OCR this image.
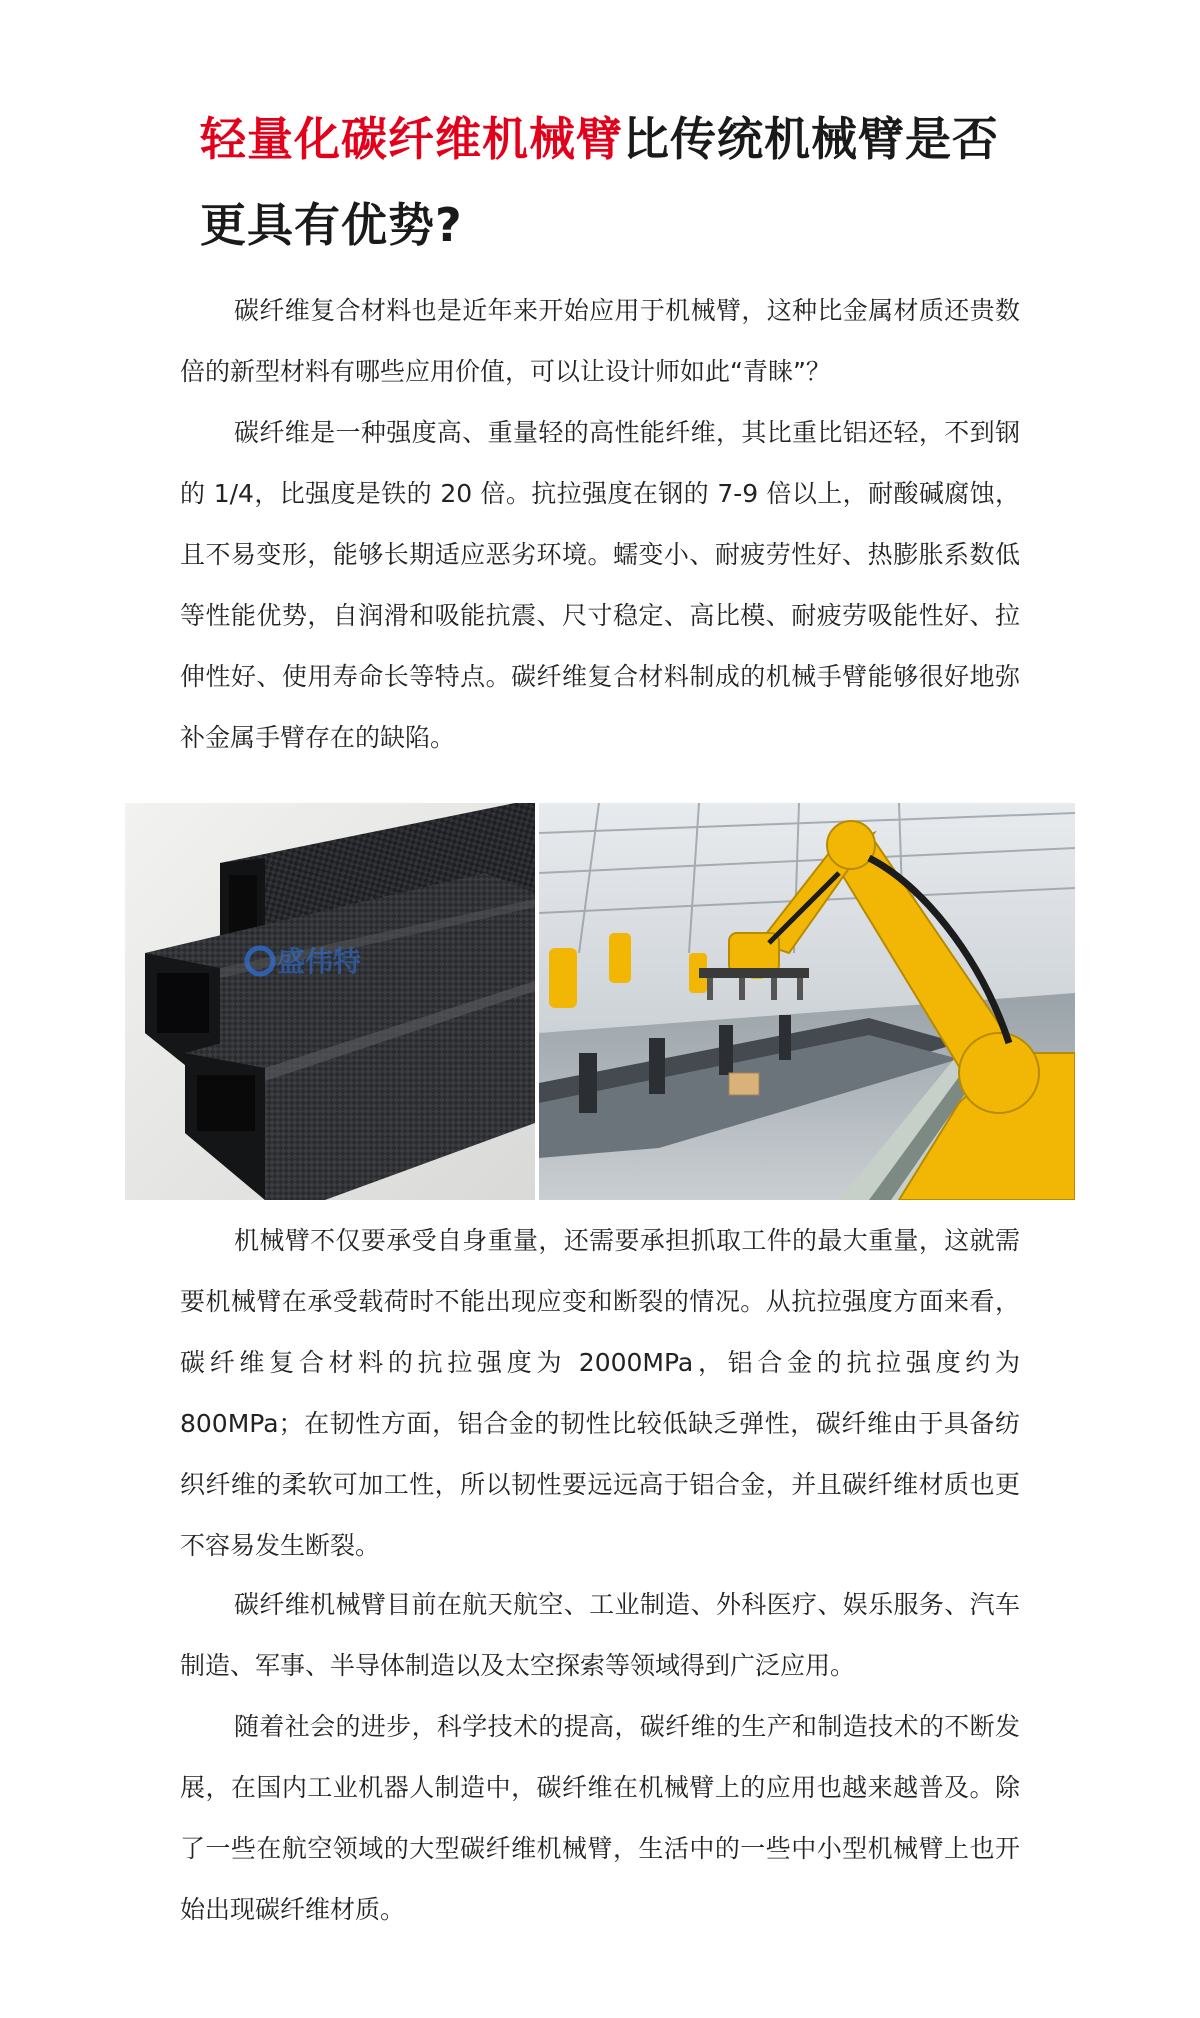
轻量化碳纤维机械臂比传统机械臂是否更具有优势?

碳纤维复合材料也是近年来开始应用于机械臂，这种比金属材质还贵数倍的新型材料有哪些应用价值，可以让设计师如此“青睐”？

碳纤维是一种强度高、重量轻的高性能纤维，其比重比铝还轻，不到钢的 1/4，比强度是铁的 20 倍。抗拉强度在钢的 7-9 倍以上，耐酸碱腐蚀，且不易变形，能够长期适应恶劣环境。蠕变小、耐疲劳性好、热膨胀系数低等性能优势，自润滑和吸能抗震、尺寸稳定、高比模、耐疲劳吸能性好、拉伸性好、使用寿命长等特点。碳纤维复合材料制成的机械手臂能够很好地弥补金属手臂存在的缺陷。

盛伟特

机械臂不仅要承受自身重量，还需要承担抓取工件的最大重量，这就需要机械臂在承受载荷时不能出现应变和断裂的情况。从抗拉强度方面来看，碳纤维复合材料的抗拉强度为 2000MPa，铝合金的抗拉强度约为 800MPa；在韧性方面，铝合金的韧性比较低缺乏弹性，碳纤维由于具备纺织纤维的柔软可加工性，所以韧性要远远高于铝合金，并且碳纤维材质也更不容易发生断裂。

碳纤维机械臂目前在航天航空、工业制造、外科医疗、娱乐服务、汽车制造、军事、半导体制造以及太空探索等领域得到广泛应用。

随着社会的进步，科学技术的提高，碳纤维的生产和制造技术的不断发展，在国内工业机器人制造中，碳纤维在机械臂上的应用也越来越普及。除了一些在航空领域的大型碳纤维机械臂，生活中的一些中小型机械臂上也开始出现碳纤维材质。
